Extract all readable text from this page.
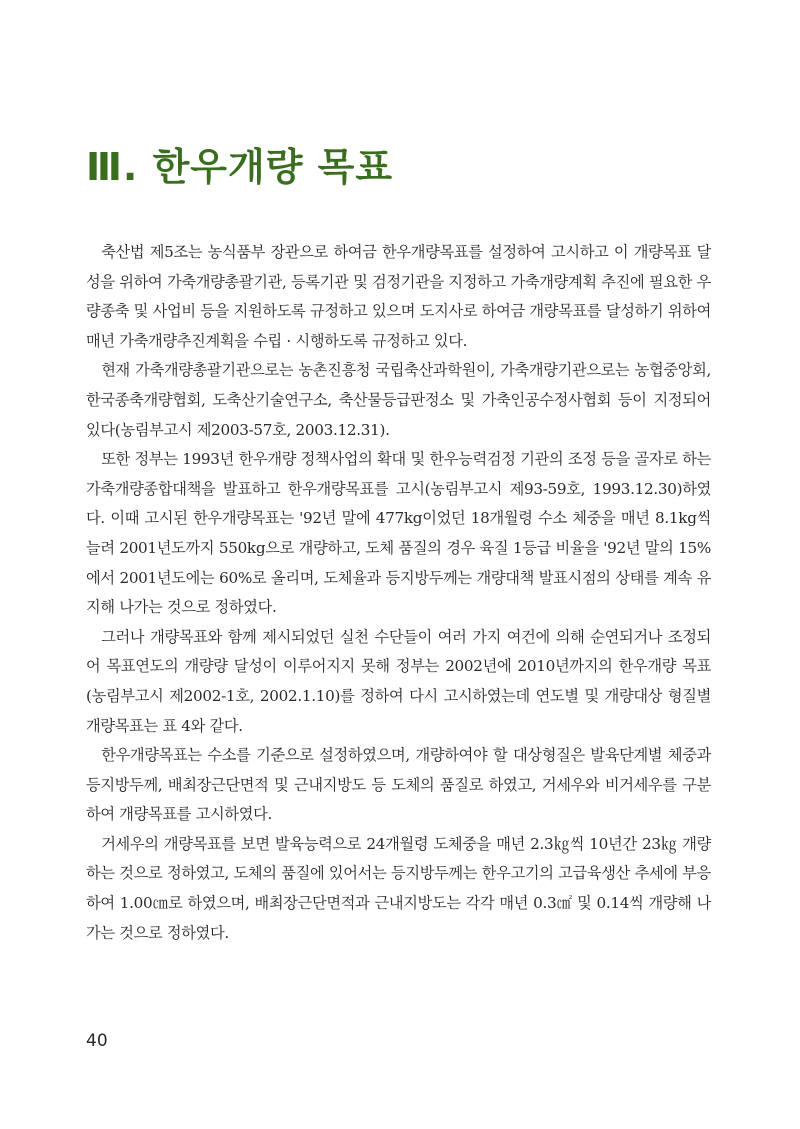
Ⅲ. 한우개량 목표

축산법 제5조는 농식품부 장관으로 하여금 한우개량목표를 설정하여 고시하고 이 개량목표 달성을 위하여 가축개량총괄기관, 등록기관 및 검정기관을 지정하고 가축개량계획 추진에 필요한 우량종축 및 사업비 등을 지원하도록 규정하고 있으며 도지사로 하여금 개량목표를 달성하기 위하여 매년 가축개량추진계획을 수립 · 시행하도록 규정하고 있다.

현재 가축개량총괄기관으로는 농촌진흥청 국립축산과학원이, 가축개량기관으로는 농협중앙회, 한국종축개량협회, 도축산기술연구소, 축산물등급판정소 및 가축인공수정사협회 등이 지정되어 있다(농림부고시 제2003-57호, 2003.12.31).

또한 정부는 1993년 한우개량 정책사업의 확대 및 한우능력검정 기관의 조정 등을 골자로 하는 가축개량종합대책을 발표하고 한우개량목표를 고시(농림부고시 제93-59호, 1993.12.30)하였다. 이때 고시된 한우개량목표는 '92년 말에 477kg이었던 18개월령 수소 체중을 매년 8.1kg씩 늘려 2001년도까지 550kg으로 개량하고, 도체 품질의 경우 육질 1등급 비율을 '92년 말의 15%에서 2001년도에는 60%로 올리며, 도체율과 등지방두께는 개량대책 발표시점의 상태를 계속 유지해 나가는 것으로 정하였다.

그러나 개량목표와 함께 제시되었던 실천 수단들이 여러 가지 여건에 의해 순연되거나 조정되어 목표연도의 개량량 달성이 이루어지지 못해 정부는 2002년에 2010년까지의 한우개량 목표(농림부고시 제2002-1호, 2002.1.10)를 정하여 다시 고시하였는데 연도별 및 개량대상 형질별 개량목표는 표 4와 같다.

한우개량목표는 수소를 기준으로 설정하였으며, 개량하여야 할 대상형질은 발육단계별 체중과 등지방두께, 배최장근단면적 및 근내지방도 등 도체의 품질로 하였고, 거세우와 비거세우를 구분하여 개량목표를 고시하였다.

거세우의 개량목표를 보면 발육능력으로 24개월령 도체중을 매년 2.3㎏씩 10년간 23㎏ 개량하는 것으로 정하였고, 도체의 품질에 있어서는 등지방두께는 한우고기의 고급육생산 추세에 부응하여 1.00㎝로 하였으며, 배최장근단면적과 근내지방도는 각각 매년 0.3㎠ 및 0.14씩 개량해 나가는 것으로 정하였다.

40
